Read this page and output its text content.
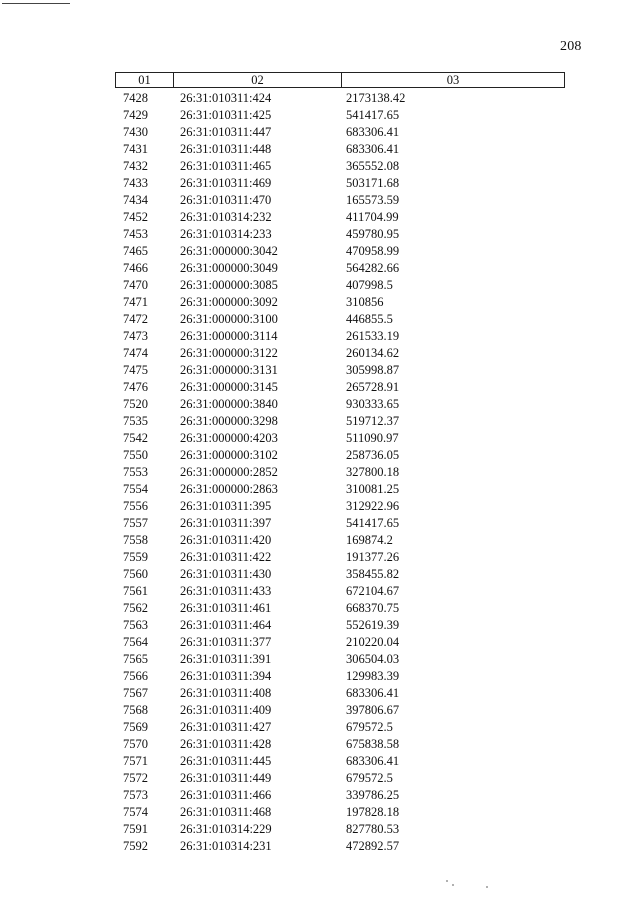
208
01	02	03
7428	26:31:010311:424	2173138.42
7429	26:31:010311:425	541417.65
7430	26:31:010311:447	683306.41
7431	26:31:010311:448	683306.41
7432	26:31:010311:465	365552.08
7433	26:31:010311:469	503171.68
7434	26:31:010311:470	165573.59
7452	26:31:010314:232	411704.99
7453	26:31:010314:233	459780.95
7465	26:31:000000:3042	470958.99
7466	26:31:000000:3049	564282.66
7470	26:31:000000:3085	407998.5
7471	26:31:000000:3092	310856
7472	26:31:000000:3100	446855.5
7473	26:31:000000:3114	261533.19
7474	26:31:000000:3122	260134.62
7475	26:31:000000:3131	305998.87
7476	26:31:000000:3145	265728.91
7520	26:31:000000:3840	930333.65
7535	26:31:000000:3298	519712.37
7542	26:31:000000:4203	511090.97
7550	26:31:000000:3102	258736.05
7553	26:31:000000:2852	327800.18
7554	26:31:000000:2863	310081.25
7556	26:31:010311:395	312922.96
7557	26:31:010311:397	541417.65
7558	26:31:010311:420	169874.2
7559	26:31:010311:422	191377.26
7560	26:31:010311:430	358455.82
7561	26:31:010311:433	672104.67
7562	26:31:010311:461	668370.75
7563	26:31:010311:464	552619.39
7564	26:31:010311:377	210220.04
7565	26:31:010311:391	306504.03
7566	26:31:010311:394	129983.39
7567	26:31:010311:408	683306.41
7568	26:31:010311:409	397806.67
7569	26:31:010311:427	679572.5
7570	26:31:010311:428	675838.58
7571	26:31:010311:445	683306.41
7572	26:31:010311:449	679572.5
7573	26:31:010311:466	339786.25
7574	26:31:010311:468	197828.18
7591	26:31:010314:229	827780.53
7592	26:31:010314:231	472892.57
